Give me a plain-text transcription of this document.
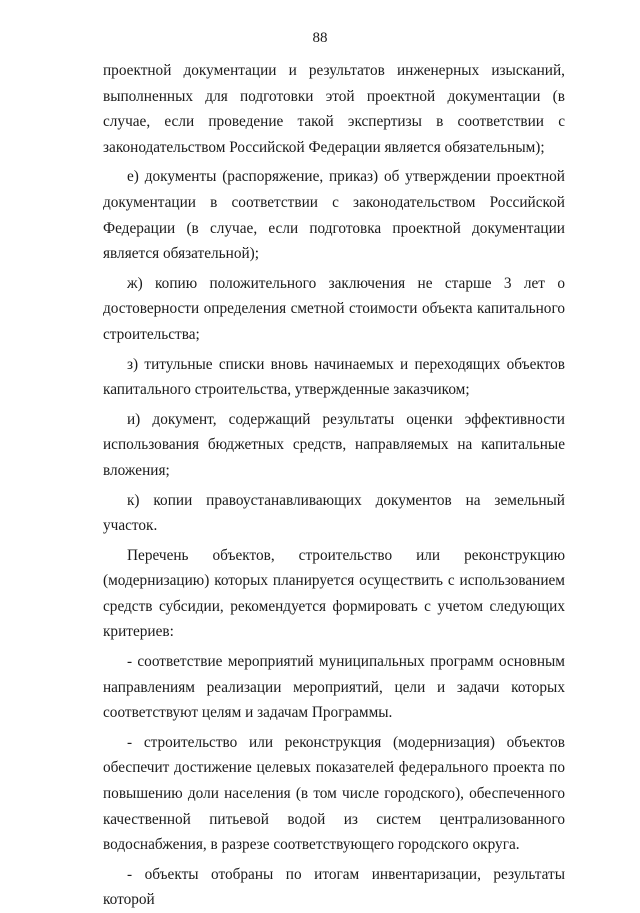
88

проектной документации и результатов инженерных изысканий, выполненных для подготовки этой проектной документации (в случае, если проведение такой экспертизы в соответствии с законодательством Российской Федерации является обязательным);

е) документы (распоряжение, приказ) об утверждении проектной документации в соответствии с законодательством Российской Федерации (в случае, если подготовка проектной документации является обязательной);

ж) копию положительного заключения не старше 3 лет о достоверности определения сметной стоимости объекта капитального строительства;

з) титульные списки вновь начинаемых и переходящих объектов капитального строительства, утвержденные заказчиком;

и) документ, содержащий результаты оценки эффективности использования бюджетных средств, направляемых на капитальные вложения;

к) копии правоустанавливающих документов на земельный участок.

Перечень объектов, строительство или реконструкцию (модернизацию) которых планируется осуществить с использованием средств субсидии, рекомендуется формировать с учетом следующих критериев:

- соответствие мероприятий муниципальных программ основным направлениям реализации мероприятий, цели и задачи которых соответствуют целям и задачам Программы.

- строительство или реконструкция (модернизация) объектов обеспечит достижение целевых показателей федерального проекта по повышению доли населения (в том числе городского), обеспеченного качественной питьевой водой из систем централизованного водоснабжения, в разрезе соответствующего городского округа.

- объекты отобраны по итогам инвентаризации, результаты которой
